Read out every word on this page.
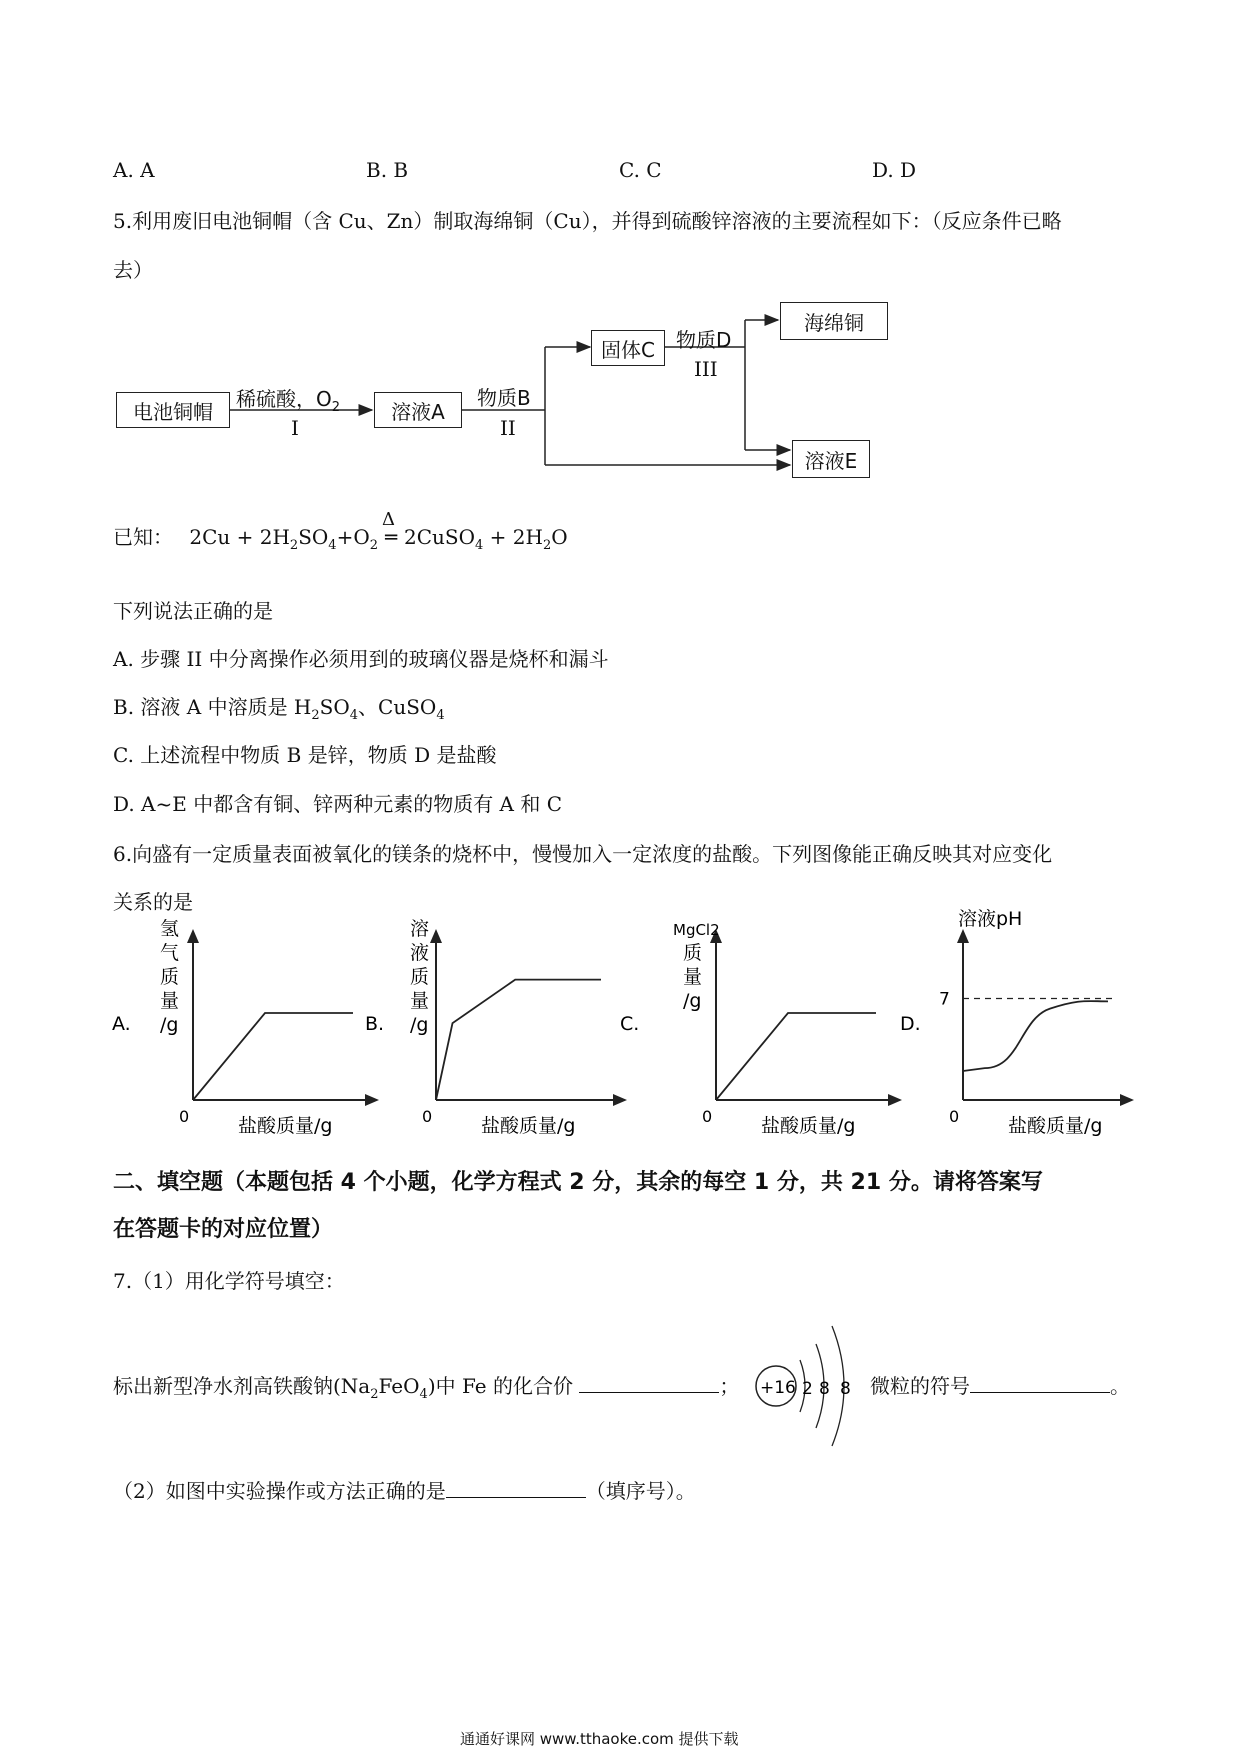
A. A	B. B	C. C	D. D
5.利用废旧电池铜帽（含 Cu、Zn）制取海绵铜（Cu），并得到硫酸锌溶液的主要流程如下：（反应条件已略
去）
电池铜帽	溶液A
固体C
海绵铜
溶液E
稀硫酸，$O_2$
I
物质B
II
物质D
III
已知： $2Cu + 2H_2SO_4+O_2$
Δ
═ 2CuSO$_4$ + $2H_2O$
下列说法正确的是
A. 步骤 II 中分离操作必须用到的玻璃仪器是烧杯和漏斗
B. 溶液 A 中溶质是 $H_2SO_4$、CuSO$_4$
C. 上述流程中物质 B 是锌，物质 D 是盐酸
D. A~E 中都含有铜、锌两种元素的物质有 A 和 C
6.向盛有一定质量表面被氧化的镁条的烧杯中，慢慢加入一定浓度的盐酸。下列图像能正确反映其对应变化
关系的是
A.
0	盐酸质量/g
氢
气
质
量
/g	B.
0	盐酸质量/g
溶
液
质
量
/g	C.
0	盐酸质量/g
MgCl2
质
量
/g
D.
0	盐酸质量/g
溶液pH
7
二、填空题（本题包括 4 个小题，化学方程式 2 分，其余的每空 1 分，共 21 分。请将答案写
在答题卡的对应位置）
7.（1）用化学符号填空：
标出新型净水剂高铁酸钠$(Na_2FeO_4)$中 Fe 的化合价	； +16 2 8 8 微粒的符号	。
（2）如图中实验操作或方法正确的是	（填序号）。
通通好课网 www.tthaoke.com 提供下载
